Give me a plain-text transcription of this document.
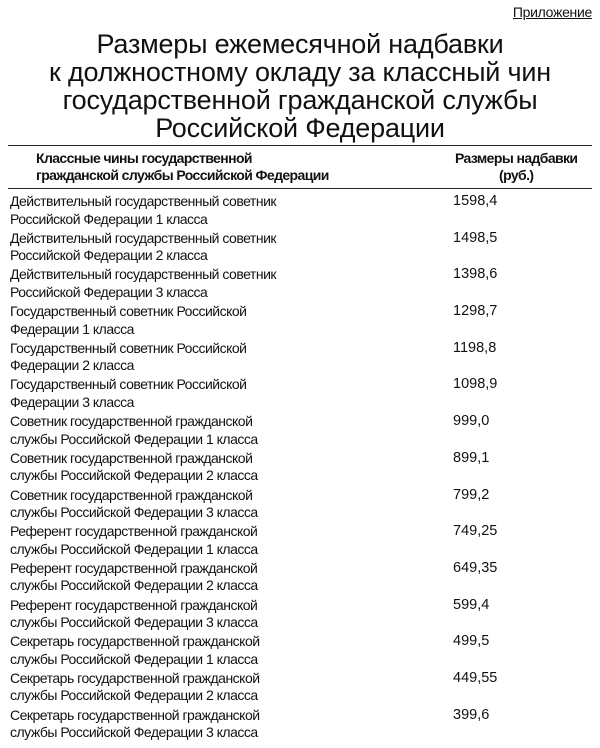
Приложение
Размеры ежемесячной надбавки
к должностному окладу за классный чин
государственной гражданской службы
Российской Федерации
Классные чины государственной
гражданской службы Российской Федерации
Размеры надбавки
(руб.)
Действительный государственный советник
Российской Федерации 1 класса
1598,4
Действительный государственный советник
Российской Федерации 2 класса
1498,5
Действительный государственный советник
Российской Федерации 3 класса
1398,6
Государственный советник Российской
Федерации 1 класса
1298,7
Государственный советник Российской
Федерации 2 класса
1198,8
Государственный советник Российской
Федерации 3 класса
1098,9
Советник государственной гражданской
службы Российской Федерации 1 класса
999,0
Советник государственной гражданской
службы Российской Федерации 2 класса
899,1
Советник государственной гражданской
службы Российской Федерации 3 класса
799,2
Референт государственной гражданской
службы Российской Федерации 1 класса
749,25
Референт государственной гражданской
службы Российской Федерации 2 класса
649,35
Референт государственной гражданской
службы Российской Федерации 3 класса
599,4
Секретарь государственной гражданской
службы Российской Федерации 1 класса
499,5
Секретарь государственной гражданской
службы Российской Федерации 2 класса
449,55
Секретарь государственной гражданской
службы Российской Федерации 3 класса
399,6
